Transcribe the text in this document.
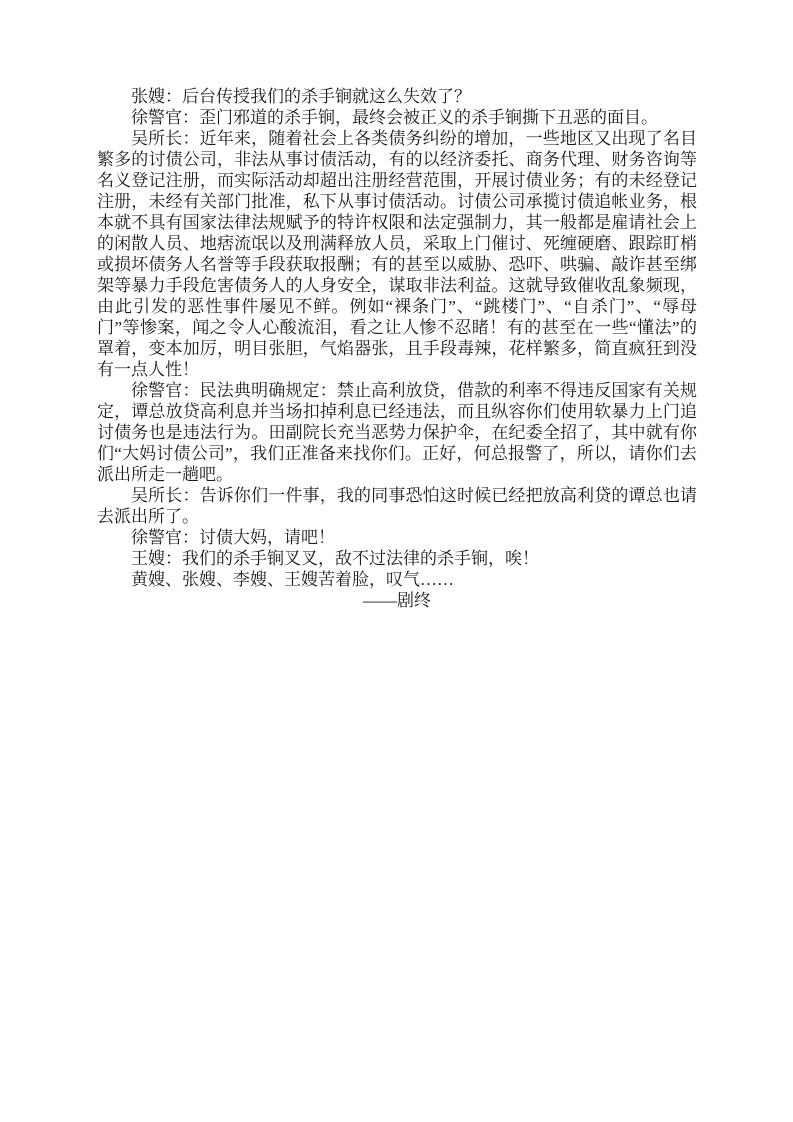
张嫂：后台传授我们的杀手锏就这么失效了？

徐警官：歪门邪道的杀手锏，最终会被正义的杀手锏撕下丑恶的面目。

吴所长：近年来，随着社会上各类债务纠纷的增加，一些地区又出现了名目繁多的讨债公司，非法从事讨债活动，有的以经济委托、商务代理、财务咨询等名义登记注册，而实际活动却超出注册经营范围，开展讨债业务；有的未经登记注册，未经有关部门批准，私下从事讨债活动。讨债公司承揽讨债追帐业务，根本就不具有国家法律法规赋予的特许权限和法定强制力，其一般都是雇请社会上的闲散人员、地痞流氓以及刑满释放人员，采取上门催讨、死缠硬磨、跟踪盯梢或损坏债务人名誉等手段获取报酬；有的甚至以威胁、恐吓、哄骗、敲诈甚至绑架等暴力手段危害债务人的人身安全，谋取非法利益。这就导致催收乱象频现，由此引发的恶性事件屡见不鲜。例如“裸条门”、“跳楼门”、“自杀门”、“辱母门”等惨案，闻之令人心酸流泪，看之让人惨不忍睹！有的甚至在一些“懂法”的罩着，变本加厉，明目张胆，气焰器张，且手段毒辣，花样繁多，简直疯狂到没有一点人性！

徐警官：民法典明确规定：禁止高利放贷，借款的利率不得违反国家有关规定，谭总放贷高利息并当场扣掉利息已经违法，而且纵容你们使用软暴力上门追讨债务也是违法行为。田副院长充当恶势力保护伞，在纪委全招了，其中就有你们“大妈讨债公司”，我们正准备来找你们。正好，何总报警了，所以，请你们去派出所走一趟吧。

吴所长：告诉你们一件事，我的同事恐怕这时候已经把放高利贷的谭总也请去派出所了。

徐警官：讨债大妈，请吧！

王嫂：我们的杀手锏叉叉，敌不过法律的杀手锏，唉！

黄嫂、张嫂、李嫂、王嫂苦着脸，叹气……

——剧终
